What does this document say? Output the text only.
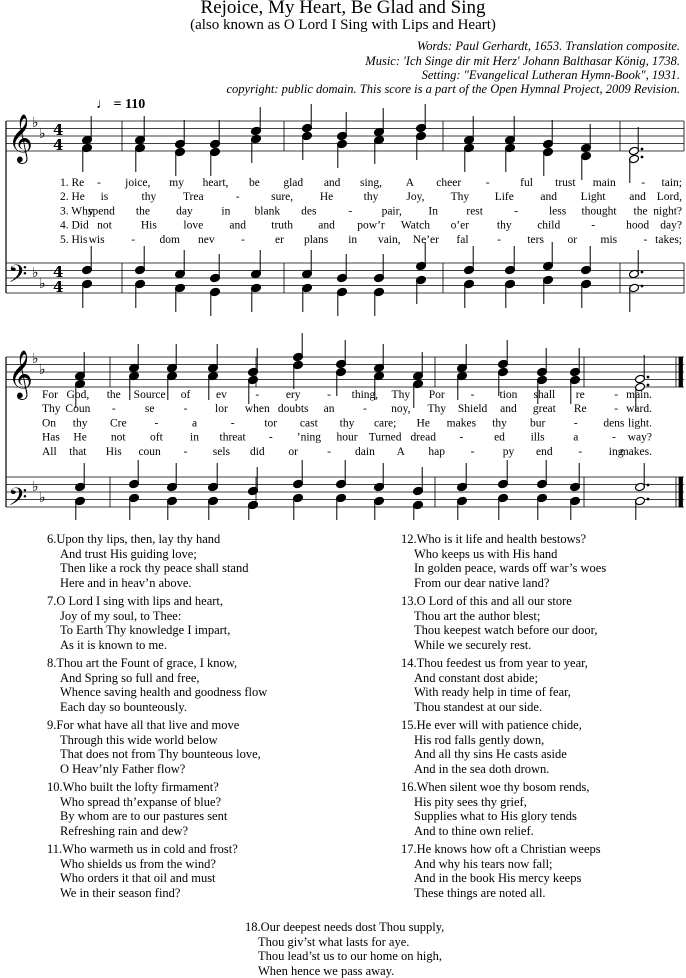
Rejoice, My Heart, Be Glad and Sing
(also known as O Lord I Sing with Lips and Heart)
Words: Paul Gerhardt, 1653. Translation composite.
Music: 'Ich Singe dir mit Herz' Johann Balthasar König, 1738.
Setting: "Evangelical Lutheran Hymn-Book", 1931.
copyright: public domain. This score is a part of the Open Hymnal Project, 2009 Revision.
♩ = 110
𝄞
𝄢
𝄞
𝄢
♭
♭
♭
♭
♭
♭
♭
♭
4
4
4
4
1. Re - joice, my heart, be glad and sing, A cheer -	ful trust main - tain;
2. He is	thy Trea	-	sure, He	thy Joy, Thy Life and Light and Lord,
3. Why
spend the day in blank des	-	pair, In rest	-	less thought the night?
4. Did not	His love and truth and pow’r Watch o’er thy child	-	hood day?
5. His wis - dom nev -	er plans in vain, Ne’er fal - ters or mis - takes;
For God, the Source of ev - ery - thing, Thy Por - tion shall re	- main.
Thy Coun -	se	- lor when doubts an - noy, Thy Shield and great Re - ward.
On thy Cre -	a	-	tor cast thy care; He makes thy bur - dens light.
Has He not oft in threat - ’ning hour Turned dread -	ed ills a	- way?
All that His coun - sels did or	- dain A hap - py end - ing
makes.
6.Upon thy lips, then, lay thy hand
And trust His guiding love;
Then like a rock thy peace shall stand
Here and in heav’n above.
7.O Lord I sing with lips and heart,
Joy of my soul, to Thee:
To Earth Thy knowledge I impart,
As it is known to me.
8.Thou art the Fount of grace, I know,
And Spring so full and free,
Whence saving health and goodness flow
Each day so bounteously.
9.For what have all that live and move
Through this wide world below
That does not from Thy bounteous love,
O Heav’nly Father flow?
10.Who built the lofty firmament?
Who spread th’expanse of blue?
By whom are to our pastures sent
Refreshing rain and dew?
11.Who warmeth us in cold and frost?
Who shields us from the wind?
Who orders it that oil and must
We in their season find?
12.Who is it life and health bestows?
Who keeps us with His hand
In golden peace, wards off war’s woes
From our dear native land?
13.O Lord of this and all our store
Thou art the author blest;
Thou keepest watch before our door,
While we securely rest.
14.Thou feedest us from year to year,
And constant dost abide;
With ready help in time of fear,
Thou standest at our side.
15.He ever will with patience chide,
His rod falls gently down,
And all thy sins He casts aside
And in the sea doth drown.
16.When silent woe thy bosom rends,
His pity sees thy grief,
Supplies what to His glory tends
And to thine own relief.
17.He knows how oft a Christian weeps
And why his tears now fall;
And in the book His mercy keeps
These things are noted all.
18.Our deepest needs dost Thou supply,
Thou giv’st what lasts for aye.
Thou lead’st us to our home on high,
When hence we pass away.
